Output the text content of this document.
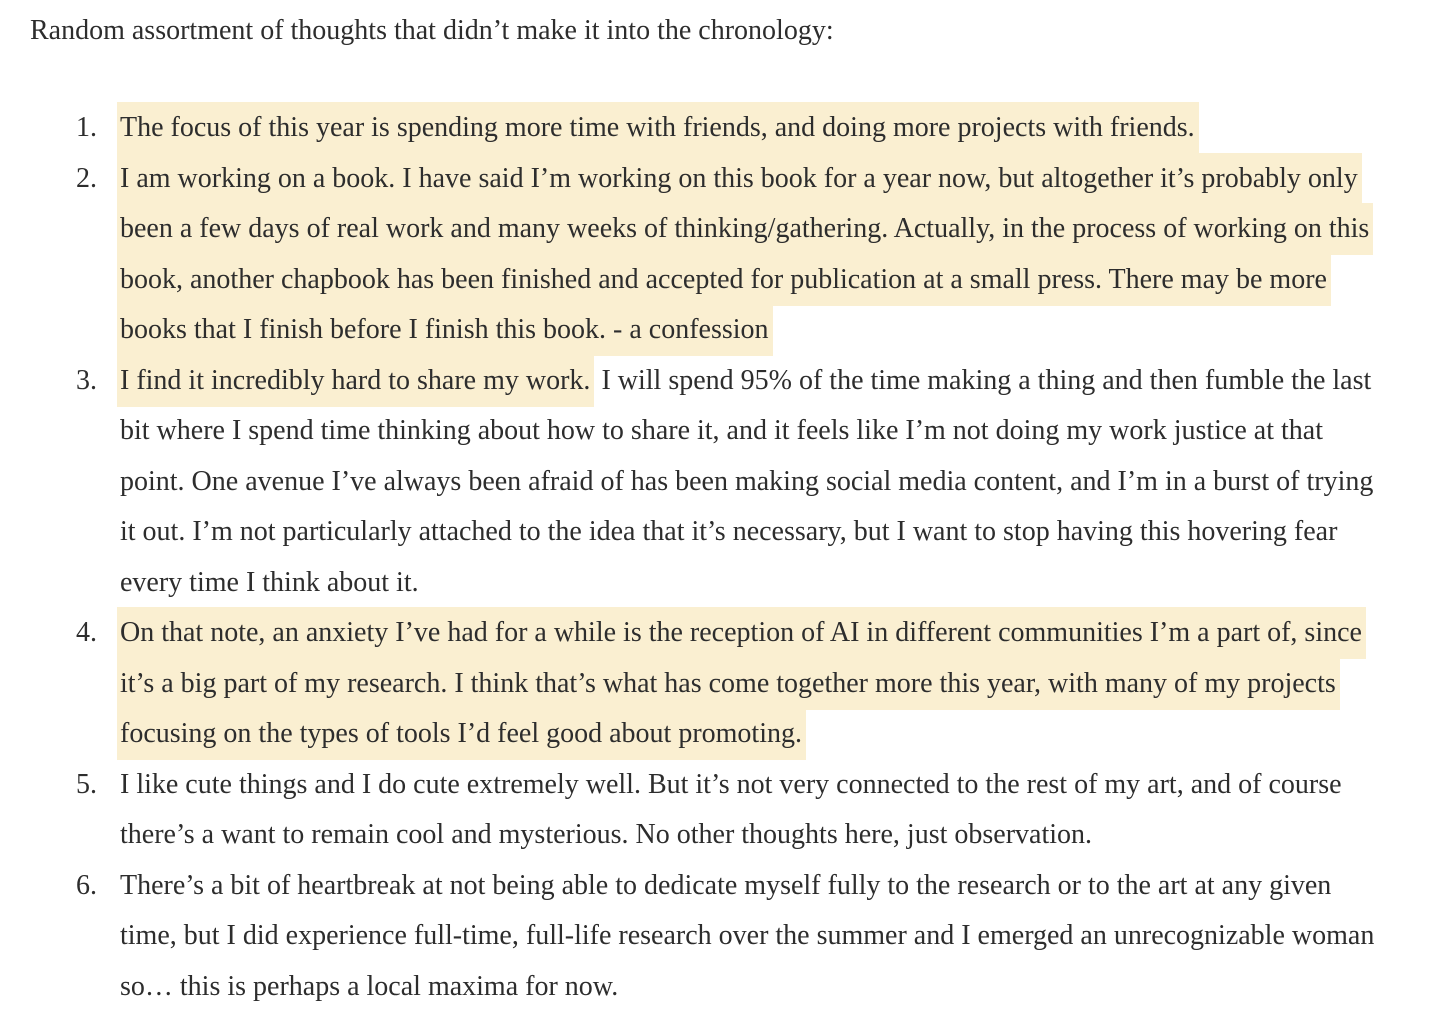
Random assortment of thoughts that didn’t make it into the chronology:

1. The focus of this year is spending more time with friends, and doing more projects with friends.
2. I am working on a book. I have said I’m working on this book for a year now, but altogether it’s probably only been a few days of real work and many weeks of thinking/gathering. Actually, in the process of working on this book, another chapbook has been finished and accepted for publication at a small press. There may be more books that I finish before I finish this book. - a confession
3. I find it incredibly hard to share my work. I will spend 95% of the time making a thing and then fumble the last bit where I spend time thinking about how to share it, and it feels like I’m not doing my work justice at that point. One avenue I’ve always been afraid of has been making social media content, and I’m in a burst of trying it out. I’m not particularly attached to the idea that it’s necessary, but I want to stop having this hovering fear every time I think about it.
4. On that note, an anxiety I’ve had for a while is the reception of AI in different communities I’m a part of, since it’s a big part of my research. I think that’s what has come together more this year, with many of my projects focusing on the types of tools I’d feel good about promoting.
5. I like cute things and I do cute extremely well. But it’s not very connected to the rest of my art, and of course there’s a want to remain cool and mysterious. No other thoughts here, just observation.
6. There’s a bit of heartbreak at not being able to dedicate myself fully to the research or to the art at any given time, but I did experience full-time, full-life research over the summer and I emerged an unrecognizable woman so… this is perhaps a local maxima for now.
